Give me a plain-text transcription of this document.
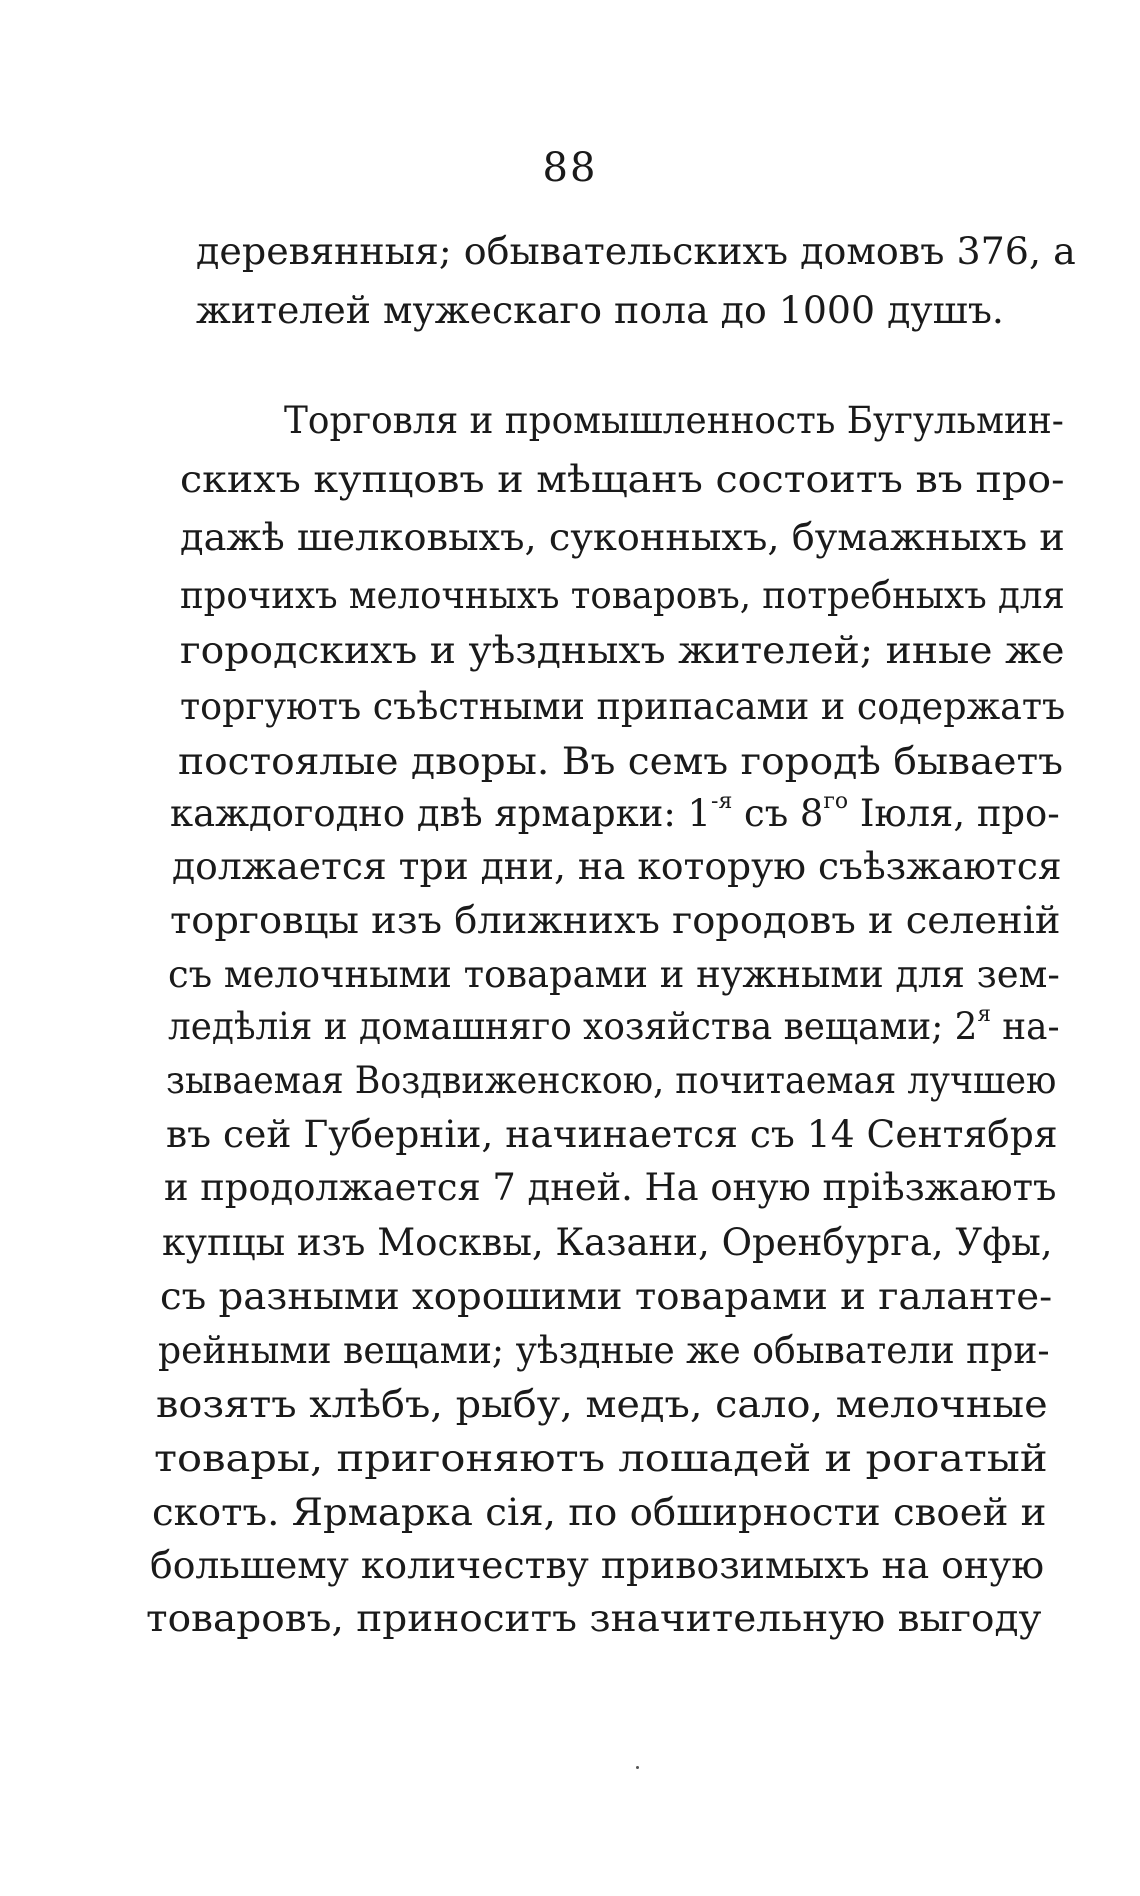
88
деревянныя; обывательскихъ домовъ 376, а
жителей мужескаго пола до 1000 душъ.
Торговля и промышленность Бугульмин-
скихъ купцовъ и мѣщанъ состоитъ въ про-
дажѣ шелковыхъ, суконныхъ, бумажныхъ и
прочихъ мелочныхъ товаровъ, потребныхъ для
городскихъ и уѣздныхъ жителей; иные же
торгуютъ съѣстными припасами и содержатъ
постоялые дворы. Въ семъ городѣ бываетъ
каждогодно двѣ ярмарки: $1^{-я}$ съ $8^{го}$ Іюля, про-
должается три дни, на которую съѣзжаются
торговцы изъ ближнихъ городовъ и селеній
съ мелочными товарами и нужными для зем-
ледѣлія и домашняго хозяйства вещами; $2^я$ на-
зываемая Воздвиженскою, почитаемая лучшею
въ сей Губерніи, начинается съ 14 Сентября
и продолжается 7 дней. На оную пріѣзжаютъ
купцы изъ Москвы, Казани, Оренбурга, Уфы,
съ разными хорошими товарами и галанте-
рейными вещами; уѣздные же обыватели при-
возятъ хлѣбъ, рыбу, медъ, сало, мелочные
товары, пригоняютъ лошадей и рогатый
скотъ. Ярмарка сія, по обширности своей и
большему количеству привозимыхъ на оную
товаровъ, приноситъ значительную выгоду
